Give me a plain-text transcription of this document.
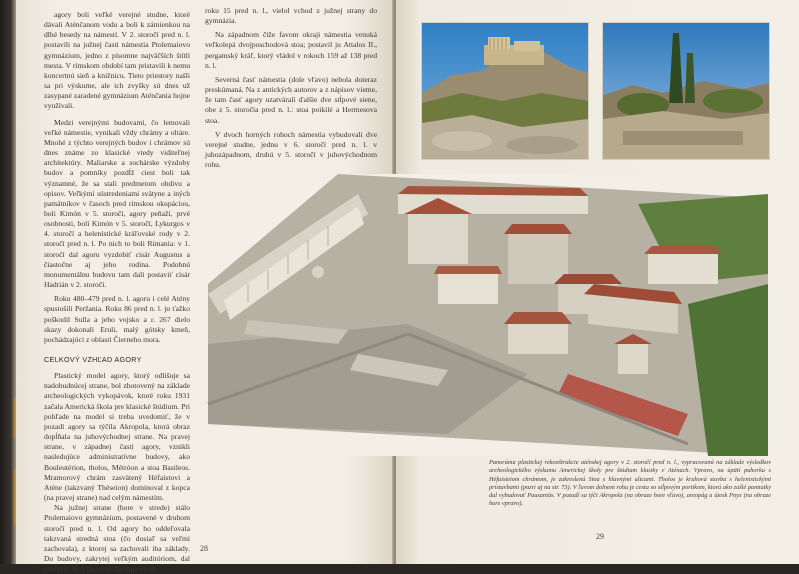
agory boli veľké verejné studne, ktoré dávali Aténčanom vodu a boli k zámienkou na dlhé besedy na námestí. V 2. storočí pred n. l. postavili na južnej časti námestia Ptolemaiovo gymnázium, jedno z písomne najväčších štítlí mesta. V rímskom období tam pristavili k nemu koncertnú sieň a knižnicu. Tieto priestory našli sa pri výskume, ale ich zvyšky sú dnes už zasypané zaradené gymnázium Aténčania hojne využívali.

Medzi verejnými budovami, čo lemovali veľké námestie, vynikali vždy chrámy a oltáre. Mnohé z týchto verejných budov i chrámov sú dnes známe zo klasické vtedy viditeľnej architektúry. Maliarske a sochárske výzdoby budov a pomníky pozdĺž ciest boli tak významné, že sa stali predmetom obdivu a opisov. Veľkými sústredeniami svätyne a iných pamätníkov v časoch pred rímskou okupáciou, boli Kimón v 5. storočí, agory peňaží, prvé osobnosti, boli Kimón v 5. storočí, Lykurgos v 4. storočí a helenistické kráľovské rody v 2. storočí pred n. l. Po nich to boli Rimania: v 1. storočí dal agoru vyzdobiť cisár Augustus a čiastočne aj jeho rodina. Podobnú monumentálnu budovu tam dali postaviť cisár Hadrián v 2. storočí.

Roku 480–479 pred n. l. agoru i celé Atény spustošili Peržania. Roku 86 pred n. l. ju ťažko poškodil Sulla a jeho vojsko a r. 267 dielo skazy dokonali Eruli, malý gótsky kmeň, pochádzajúci z oblasti Čierneho mora.

CELKOVÝ VZHĽAD AGORY

Plastický model agory, ktorý odlišuje sa nadobudnúcej strane, bol zhotovený na základe archeologických vykopávok, ktoré roku 1931 začala Americká škola pre klasické štúdium. Pri pohľade na model si treba uvedomiť, že v pozadí agory sa týčila Akropola, ktorá obraz dopĺňala na juhovýchodnej strane. Na pravej strane, v západnej časti agory, vznikli nasledujúce administratívne budovy, ako Bouleutérion, tholos, Métróon a stoa Basileos. Mramorový chrám zasvätený Héfaistovi a Aténe (takzvaný Théseion) dominoval z kopca (na pravej strane) nad celým námestím.

Na južnej strane (hore v strede) stálo Ptolemaiovo gymnázium, postavené v druhom storočí pred n. l. Od agory ho oddeľovala takzvaná stredná stoa (čo dosiaľ sa veľmi zachovala), z ktorej sa zachovali iba základy. Do budovy, zakrytej veľkým auditóriom, dal postaviť M. Vipsanius Agrippa okolo

28
29

roku 15 pred n. l., vielol vchod z južnej strany do gymnázia.

Na západnom čiže favom okraji námestia venuká veľkolepá dvojposchodová stoa; postavil ju Attalos II., pergamský kráľ, ktorý vládol v rokoch 159 až 138 pred n. l.

Severná časť námestia (dole vľavo) nebola doteraz preskúmaná. Na z antických autorov a z nápisov vieme, že tam časť agory uzatvárali ďalšie dve stĺpové siene, obe z 5. storočia pred n. l.: stoa poikilé a Hermesova stoa.

V dvoch horných rohoch námestia vybudovali dve verejné studne, jednu v 6. storočí pred n. l. v juhozápadnom, druhú v 5. storočí v juhovýchodnom rohu.

Panoráma plastickej rekonštrukcie aténskej agory v 2. storočí pred n. l., vypracovaná na základe výsledkov archeologického výskumu Americkej školy pre štúdium klasiky v Aténach. Vpravo, na úpätí pahorku s Héfaisteiom chrámom, je zakreslená Stoa s hlavnými ulicami. Tholos je kruhová stavba s helenistickými prístavbami (pozri aj na str. 73). V ľavom dolnom rohu je cesta so stĺpovým portikom, ktorú ako zašlé pamiatky dal vybudovať Pausaniás. V pozadí sa týči Akropola (na obraze hore vľavo), areopág a útesk Pnyx (na obraze hore vpravo).
